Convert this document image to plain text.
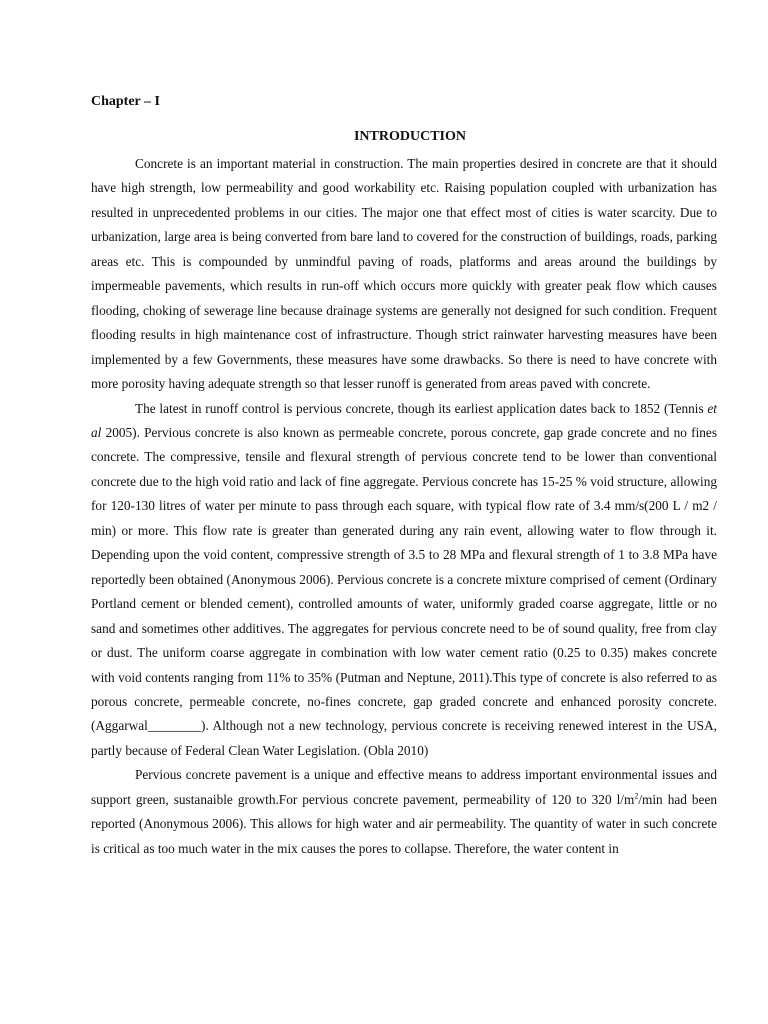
Chapter – I

INTRODUCTION

Concrete is an important material in construction. The main properties desired in concrete are that it should have high strength, low permeability and good workability etc. Raising population coupled with urbanization has resulted in unprecedented problems in our cities. The major one that effect most of cities is water scarcity. Due to urbanization, large area is being converted from bare land to covered for the construction of buildings, roads, parking areas etc. This is compounded by unmindful paving of roads, platforms and areas around the buildings by impermeable pavements, which results in run-off which occurs more quickly with greater peak flow which causes flooding, choking of sewerage line because drainage systems are generally not designed for such condition. Frequent flooding results in high maintenance cost of infrastructure. Though strict rainwater harvesting measures have been implemented by a few Governments, these measures have some drawbacks. So there is need to have concrete with more porosity having adequate strength so that lesser runoff is generated from areas paved with concrete.

The latest in runoff control is pervious concrete, though its earliest application dates back to 1852 (Tennis et al 2005). Pervious concrete is also known as permeable concrete, porous concrete, gap grade concrete and no fines concrete. The compressive, tensile and flexural strength of pervious concrete tend to be lower than conventional concrete due to the high void ratio and lack of fine aggregate. Pervious concrete has 15-25 % void structure, allowing for 120-130 litres of water per minute to pass through each square, with typical flow rate of 3.4 mm/s(200 L / m2 / min) or more. This flow rate is greater than generated during any rain event, allowing water to flow through it. Depending upon the void content, compressive strength of 3.5 to 28 MPa and flexural strength of 1 to 3.8 MPa have reportedly been obtained (Anonymous 2006). Pervious concrete is a concrete mixture comprised of cement (Ordinary Portland cement or blended cement), controlled amounts of water, uniformly graded coarse aggregate, little or no sand and sometimes other additives. The aggregates for pervious concrete need to be of sound quality, free from clay or dust. The uniform coarse aggregate in combination with low water cement ratio (0.25 to 0.35) makes concrete with void contents ranging from 11% to 35% (Putman and Neptune, 2011).This type of concrete is also referred to as porous concrete, permeable concrete, no-fines concrete, gap graded concrete and enhanced porosity concrete. (Aggarwal________). Although not a new technology, pervious concrete is receiving renewed interest in the USA, partly because of Federal Clean Water Legislation. (Obla 2010)

Pervious concrete pavement is a unique and effective means to address important environmental issues and support green, sustanaible growth.For pervious concrete pavement, permeability of 120 to 320 $l/m^2/\min$ had been reported (Anonymous 2006). This allows for high water and air permeability. The quantity of water in such concrete is critical as too much water in the mix causes the pores to collapse. Therefore, the water content in
